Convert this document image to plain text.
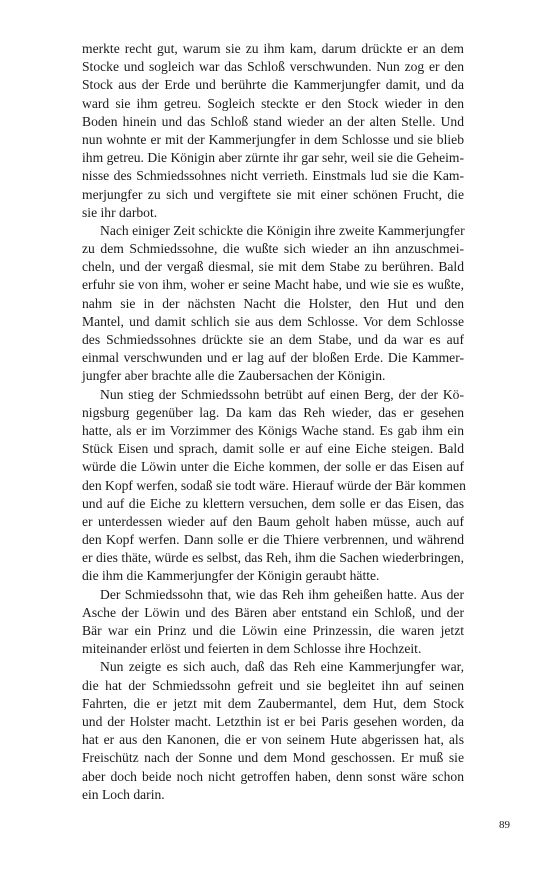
merkte recht gut, warum sie zu ihm kam, darum drückte er an dem
Stocke und sogleich war das Schloß verschwunden. Nun zog er den
Stock aus der Erde und berührte die Kammerjungfer damit, und da
ward sie ihm getreu. Sogleich steckte er den Stock wieder in den
Boden hinein und das Schloß stand wieder an der alten Stelle. Und
nun wohnte er mit der Kammerjungfer in dem Schlosse und sie blieb
ihm getreu. Die Königin aber zürnte ihr gar sehr, weil sie die Geheim-
nisse des Schmiedssohnes nicht verrieth. Einstmals lud sie die Kam-
merjungfer zu sich und vergiftete sie mit einer schönen Frucht, die
sie ihr darbot.
Nach einiger Zeit schickte die Königin ihre zweite Kammerjungfer
zu dem Schmiedssohne, die wußte sich wieder an ihn anzuschmei-
cheln, und der vergaß diesmal, sie mit dem Stabe zu berühren. Bald
erfuhr sie von ihm, woher er seine Macht habe, und wie sie es wußte,
nahm sie in der nächsten Nacht die Holster, den Hut und den
Mantel, und damit schlich sie aus dem Schlosse. Vor dem Schlosse
des Schmiedssohnes drückte sie an dem Stabe, und da war es auf
einmal verschwunden und er lag auf der bloßen Erde. Die Kammer-
jungfer aber brachte alle die Zaubersachen der Königin.
Nun stieg der Schmiedssohn betrübt auf einen Berg, der der Kö-
nigsburg gegenüber lag. Da kam das Reh wieder, das er gesehen
hatte, als er im Vorzimmer des Königs Wache stand. Es gab ihm ein
Stück Eisen und sprach, damit solle er auf eine Eiche steigen. Bald
würde die Löwin unter die Eiche kommen, der solle er das Eisen auf
den Kopf werfen, sodaß sie todt wäre. Hierauf würde der Bär kommen
und auf die Eiche zu klettern versuchen, dem solle er das Eisen, das
er unterdessen wieder auf den Baum geholt haben müsse, auch auf
den Kopf werfen. Dann solle er die Thiere verbrennen, und während
er dies thäte, würde es selbst, das Reh, ihm die Sachen wiederbringen,
die ihm die Kammerjungfer der Königin geraubt hätte.
Der Schmiedssohn that, wie das Reh ihm geheißen hatte. Aus der
Asche der Löwin und des Bären aber entstand ein Schloß, und der
Bär war ein Prinz und die Löwin eine Prinzessin, die waren jetzt
miteinander erlöst und feierten in dem Schlosse ihre Hochzeit.
Nun zeigte es sich auch, daß das Reh eine Kammerjungfer war,
die hat der Schmiedssohn gefreit und sie begleitet ihn auf seinen
Fahrten, die er jetzt mit dem Zaubermantel, dem Hut, dem Stock
und der Holster macht. Letzthin ist er bei Paris gesehen worden, da
hat er aus den Kanonen, die er von seinem Hute abgerissen hat, als
Freischütz nach der Sonne und dem Mond geschossen. Er muß sie
aber doch beide noch nicht getroffen haben, denn sonst wäre schon
ein Loch darin.
89
